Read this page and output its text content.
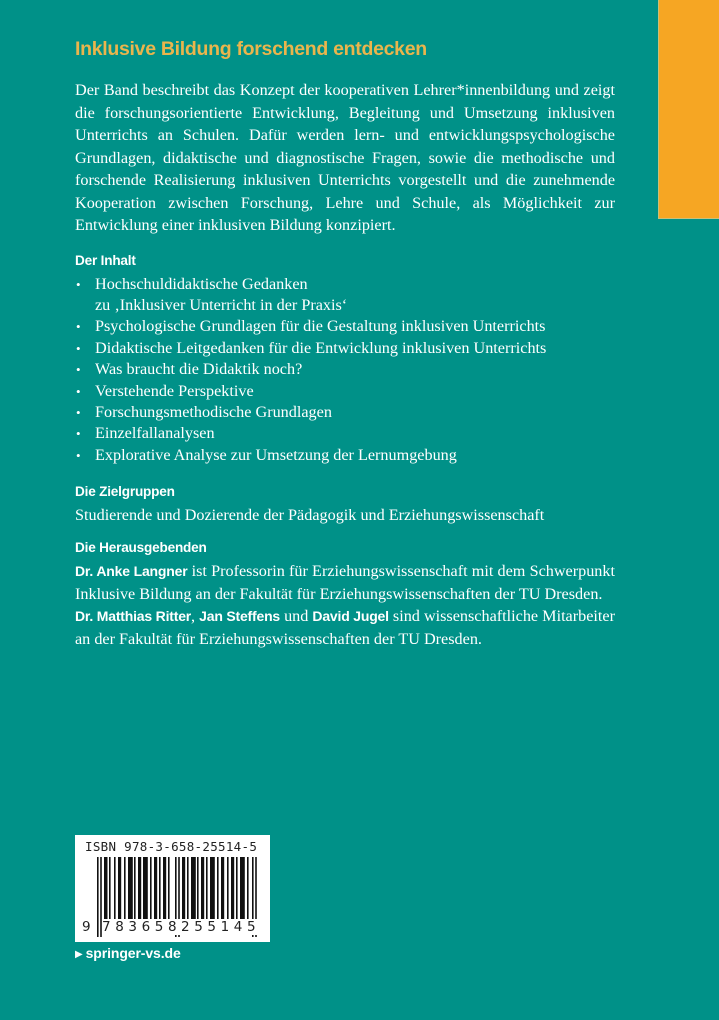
Inklusive Bildung forschend entdecken

Der Band beschreibt das Konzept der kooperativen Lehrer*innenbildung und zeigt die forschungsorientierte Entwicklung, Begleitung und Umsetzung inklusiven Unterrichts an Schulen. Dafür werden lern- und entwicklungspsychologische Grundlagen, didaktische und diagnostische Fragen, sowie die methodische und forschende Realisierung inklusiven Unterrichts vorgestellt und die zunehmende Kooperation zwischen Forschung, Lehre und Schule, als Möglichkeit zur Entwicklung einer inklusiven Bildung konzipiert.

Der Inhalt
• Hochschuldidaktische Gedanken
zu ‚Inklusiver Unterricht in der Praxis‘
• Psychologische Grundlagen für die Gestaltung inklusiven Unterrichts
• Didaktische Leitgedanken für die Entwicklung inklusiven Unterrichts
• Was braucht die Didaktik noch?
• Verstehende Perspektive
• Forschungsmethodische Grundlagen
• Einzelfallanalysen
• Explorative Analyse zur Umsetzung der Lernumgebung
Die Zielgruppen
Studierende und Dozierende der Pädagogik und Erziehungswissenschaft
Die Herausgebenden
Dr. Anke Langner ist Professorin für Erziehungswissenschaft mit dem Schwerpunkt Inklusive Bildung an der Fakultät für Erziehungswissenschaften der TU Dresden.
Dr. Matthias Ritter, Jan Steffens und David Jugel sind wissenschaftliche Mitarbeiter an der Fakultät für Erziehungswissenschaften der TU Dresden.
ISBN 978-3-658-25514-5
9 783658 255145
▶ springer-vs.de
